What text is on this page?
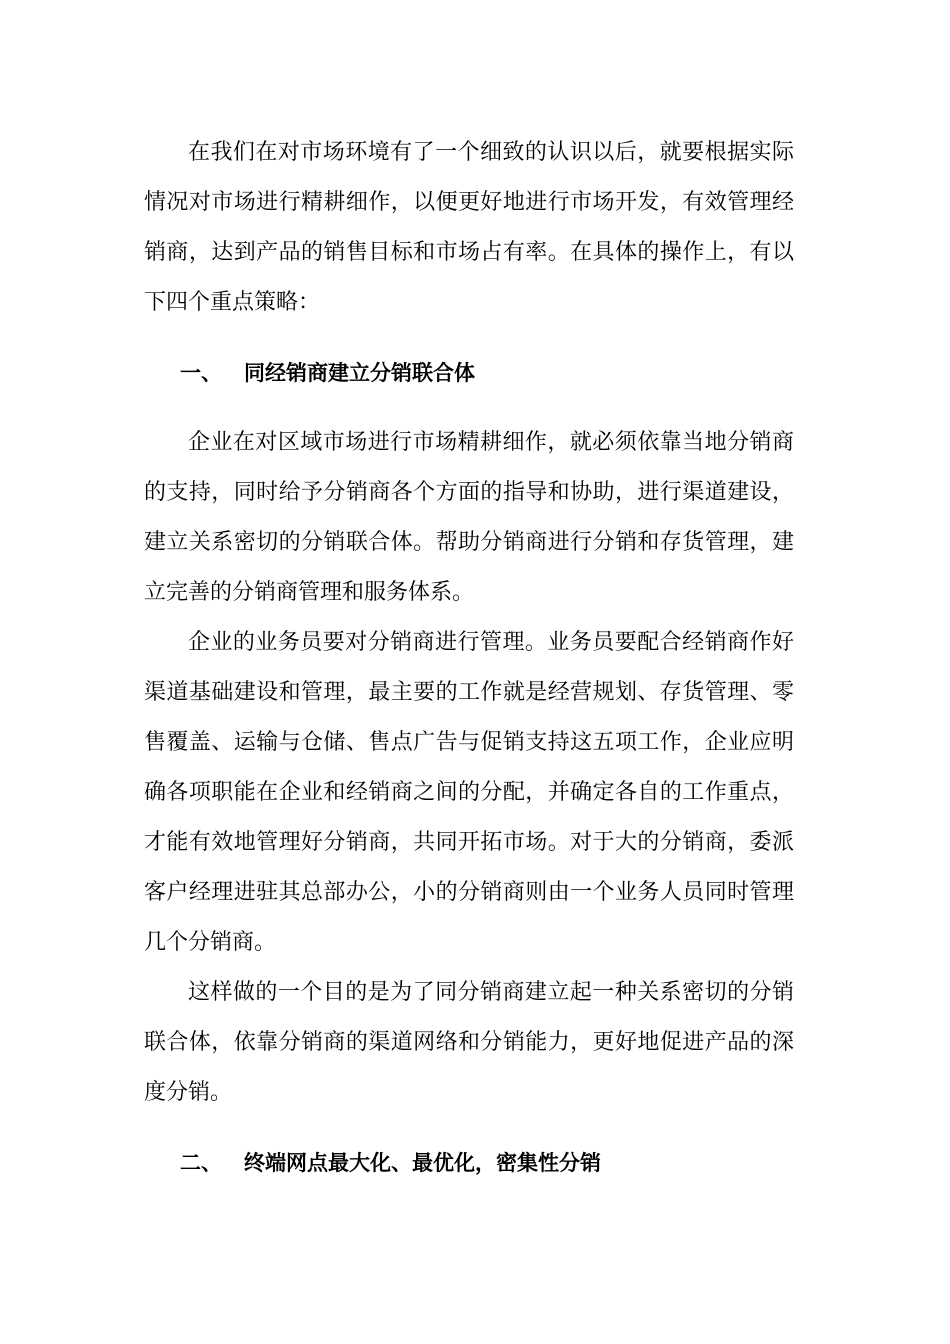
在我们在对市场环境有了一个细致的认识以后，就要根据实际情况对市场进行精耕细作，以便更好地进行市场开发，有效管理经销商，达到产品的销售目标和市场占有率。在具体的操作上，有以下四个重点策略：

一、 同经销商建立分销联合体

企业在对区域市场进行市场精耕细作，就必须依靠当地分销商的支持，同时给予分销商各个方面的指导和协助，进行渠道建设，建立关系密切的分销联合体。帮助分销商进行分销和存货管理，建立完善的分销商管理和服务体系。

企业的业务员要对分销商进行管理。业务员要配合经销商作好渠道基础建设和管理，最主要的工作就是经营规划、存货管理、零售覆盖、运输与仓储、售点广告与促销支持这五项工作，企业应明确各项职能在企业和经销商之间的分配，并确定各自的工作重点，才能有效地管理好分销商，共同开拓市场。对于大的分销商，委派客户经理进驻其总部办公，小的分销商则由一个业务人员同时管理几个分销商。

这样做的一个目的是为了同分销商建立起一种关系密切的分销联合体，依靠分销商的渠道网络和分销能力，更好地促进产品的深度分销。

二、 终端网点最大化、最优化，密集性分销
